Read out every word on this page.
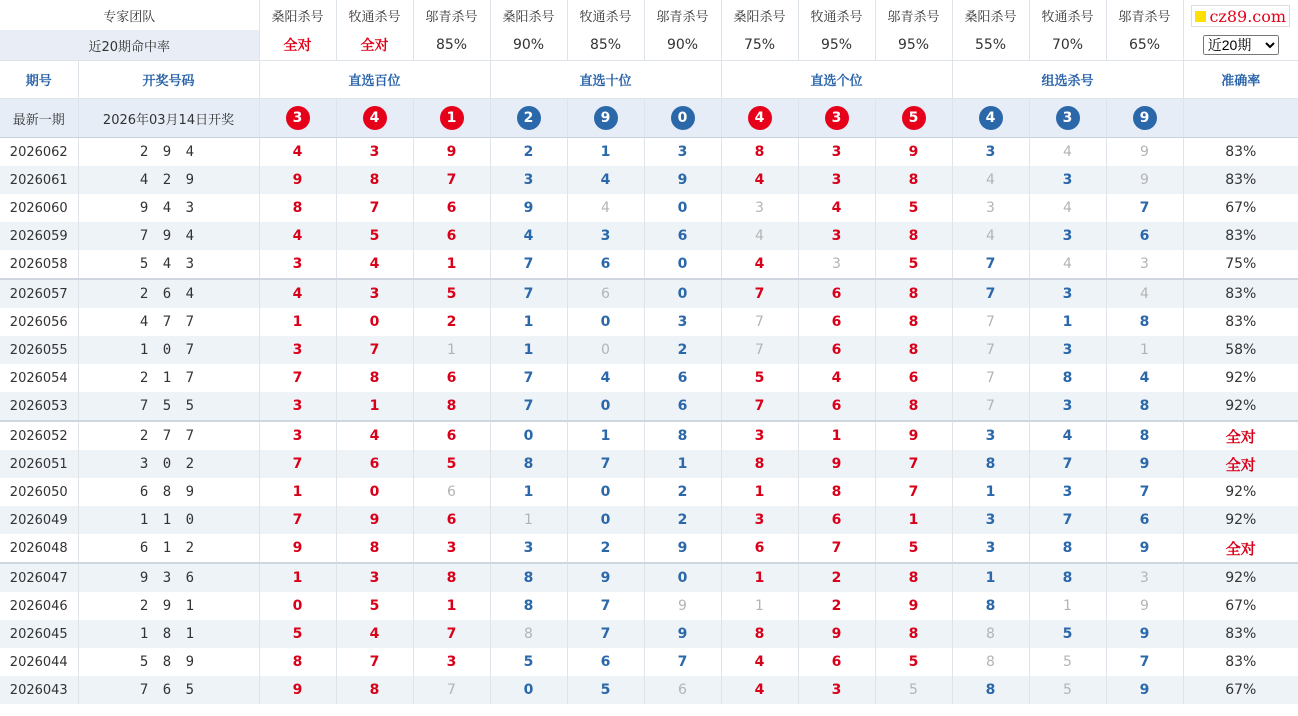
专家团队		桑阳杀号	牧通杀号	邬青杀号	桑阳杀号	牧通杀号	邬青杀号	桑阳杀号	牧通杀号	邬青杀号	桑阳杀号	牧通杀号	邬青杀号	cz89.com

近20期命中率		全对	全对	85%	90%	85%	90%	75%	95%	95%	55%	70%	65%	
近20期
期号	开奖号码	直选百位			直选十位			直选个位			组选杀号			准确率
最新一期	2026年03月14日开奖	3	4	1	2	9	0	4	3	5	4	3	9	
2026062	2 9 4	4	3	9	2	1	3	8	3	9	3	4	9	83%
2026061	4 2 9	9	8	7	3	4	9	4	3	8	4	3	9	83%
2026060	9 4 3	8	7	6	9	4	0	3	4	5	3	4	7	67%
2026059	7 9 4	4	5	6	4	3	6	4	3	8	4	3	6	83%
2026058	5 4 3	3	4	1	7	6	0	4	3	5	7	4	3	75%
2026057	2 6 4	4	3	5	7	6	0	7	6	8	7	3	4	83%
2026056	4 7 7	1	0	2	1	0	3	7	6	8	7	1	8	83%
2026055	1 0 7	3	7	1	1	0	2	7	6	8	7	3	1	58%
2026054	2 1 7	7	8	6	7	4	6	5	4	6	7	8	4	92%
2026053	7 5 5	3	1	8	7	0	6	7	6	8	7	3	8	92%
2026052	2 7 7	3	4	6	0	1	8	3	1	9	3	4	8	全对
2026051	3 0 2	7	6	5	8	7	1	8	9	7	8	7	9	全对
2026050	6 8 9	1	0	6	1	0	2	1	8	7	1	3	7	92%
2026049	1 1 0	7	9	6	1	0	2	3	6	1	3	7	6	92%
2026048	6 1 2	9	8	3	3	2	9	6	7	5	3	8	9	全对
2026047	9 3 6	1	3	8	8	9	0	1	2	8	1	8	3	92%
2026046	2 9 1	0	5	1	8	7	9	1	2	9	8	1	9	67%
2026045	1 8 1	5	4	7	8	7	9	8	9	8	8	5	9	83%
2026044	5 8 9	8	7	3	5	6	7	4	6	5	8	5	7	83%
2026043	7 6 5	9	8	7	0	5	6	4	3	5	8	5	9	67%
